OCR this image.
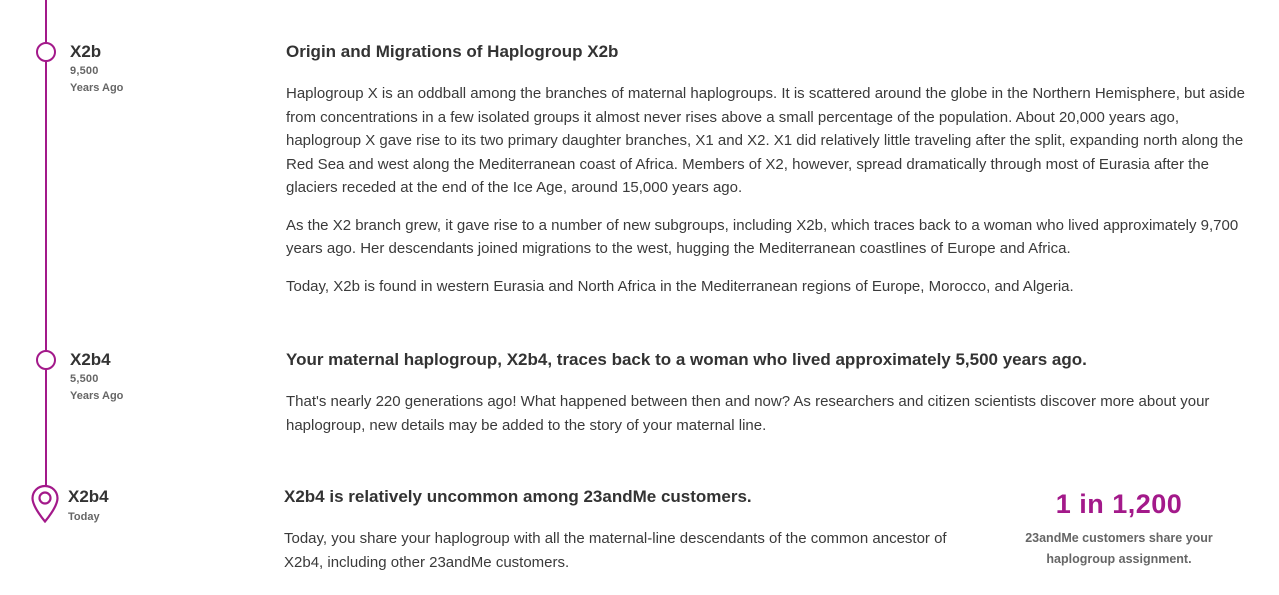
X2b
9,500
Years Ago
Origin and Migrations of Haplogroup X2b

Haplogroup X is an oddball among the branches of maternal haplogroups. It is scattered around the globe in the Northern Hemisphere, but aside from concentrations in a few isolated groups it almost never rises above a small percentage of the population. About 20,000 years ago, haplogroup X gave rise to its two primary daughter branches, X1 and X2. X1 did relatively little traveling after the split, expanding north along the Red Sea and west along the Mediterranean coast of Africa. Members of X2, however, spread dramatically through most of Eurasia after the glaciers receded at the end of the Ice Age, around 15,000 years ago.

As the X2 branch grew, it gave rise to a number of new subgroups, including X2b, which traces back to a woman who lived approximately 9,700 years ago. Her descendants joined migrations to the west, hugging the Mediterranean coastlines of Europe and Africa.

Today, X2b is found in western Eurasia and North Africa in the Mediterranean regions of Europe, Morocco, and Algeria.

X2b4
5,500
Years Ago
Your maternal haplogroup, X2b4, traces back to a woman who lived approximately 5,500 years ago.

That's nearly 220 generations ago! What happened between then and now? As researchers and citizen scientists discover more about your haplogroup, new details may be added to the story of your maternal line.

X2b4
Today
X2b4 is relatively uncommon among 23andMe customers.

Today, you share your haplogroup with all the maternal-line descendants of the common ancestor of X2b4, including other 23andMe customers.

1 in 1,200
23andMe customers share your haplogroup assignment.
